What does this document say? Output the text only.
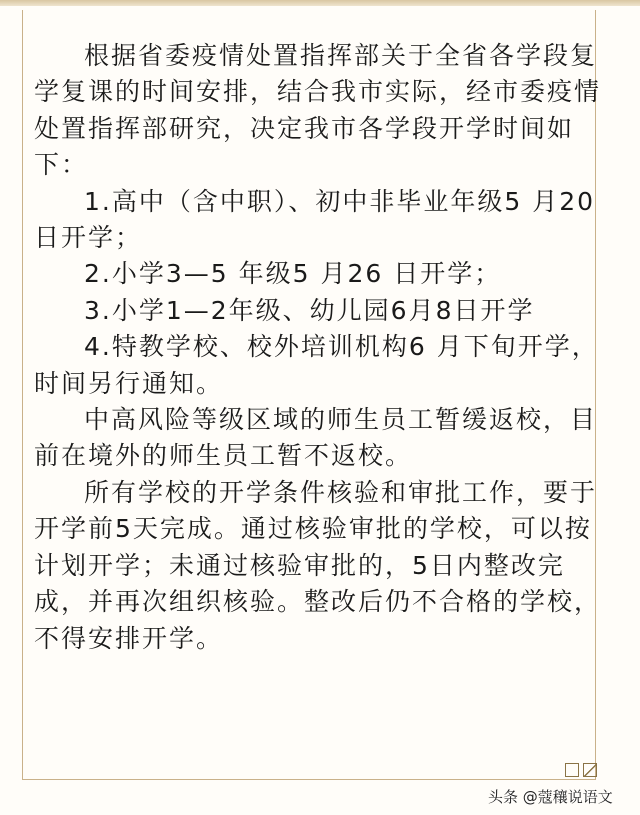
根据省委疫情处置指挥部关于全省各学段复学复课的时间安排，结合我市实际，经市委疫情处置指挥部研究，决定我市各学段开学时间如下：

1.高中（含中职）、初中非毕业年级5 月20 日开学；

2.小学3—5 年级5 月26 日开学；

3.小学1—2年级、幼儿园6月8日开学

4.特教学校、校外培训机构6 月下旬开学，时间另行通知。

中高风险等级区域的师生员工暂缓返校，目前在境外的师生员工暂不返校。

所有学校的开学条件核验和审批工作，要于开学前5天完成。通过核验审批的学校，可以按计划开学；未通过核验审批的，5日内整改完成，并再次组织核验。整改后仍不合格的学校，不得安排开学。

头条 @蔻穰说语文
